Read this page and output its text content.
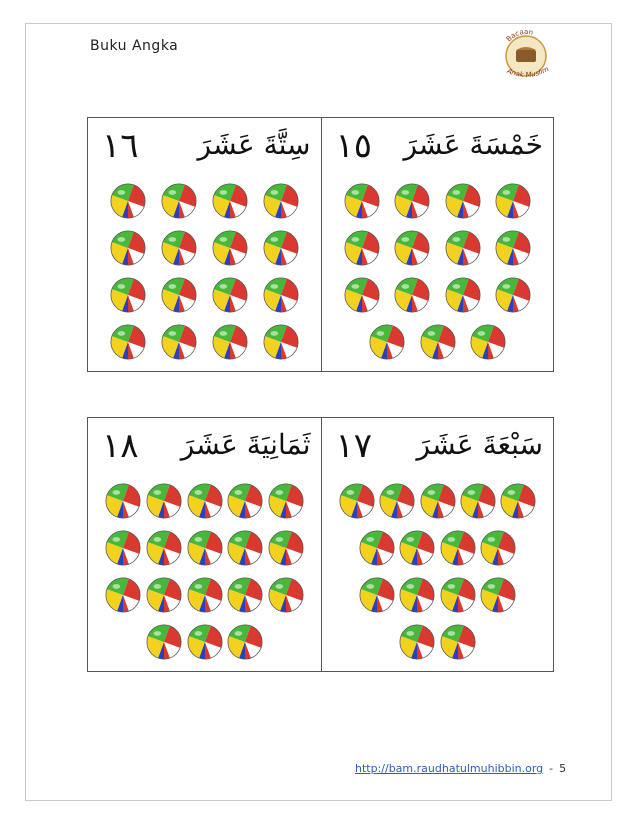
Buku Angka	Bacaan
Anak Muslim
١٦ سِتَّةَ عَشَرَ ١٥ خَمْسَةَ عَشَرَ
١٨ ثَمَانِيَةَ عَشَرَ ١٧ سَبْعَةَ عَشَرَ
http://bam.raudhatulmuhibbin.org - 5
